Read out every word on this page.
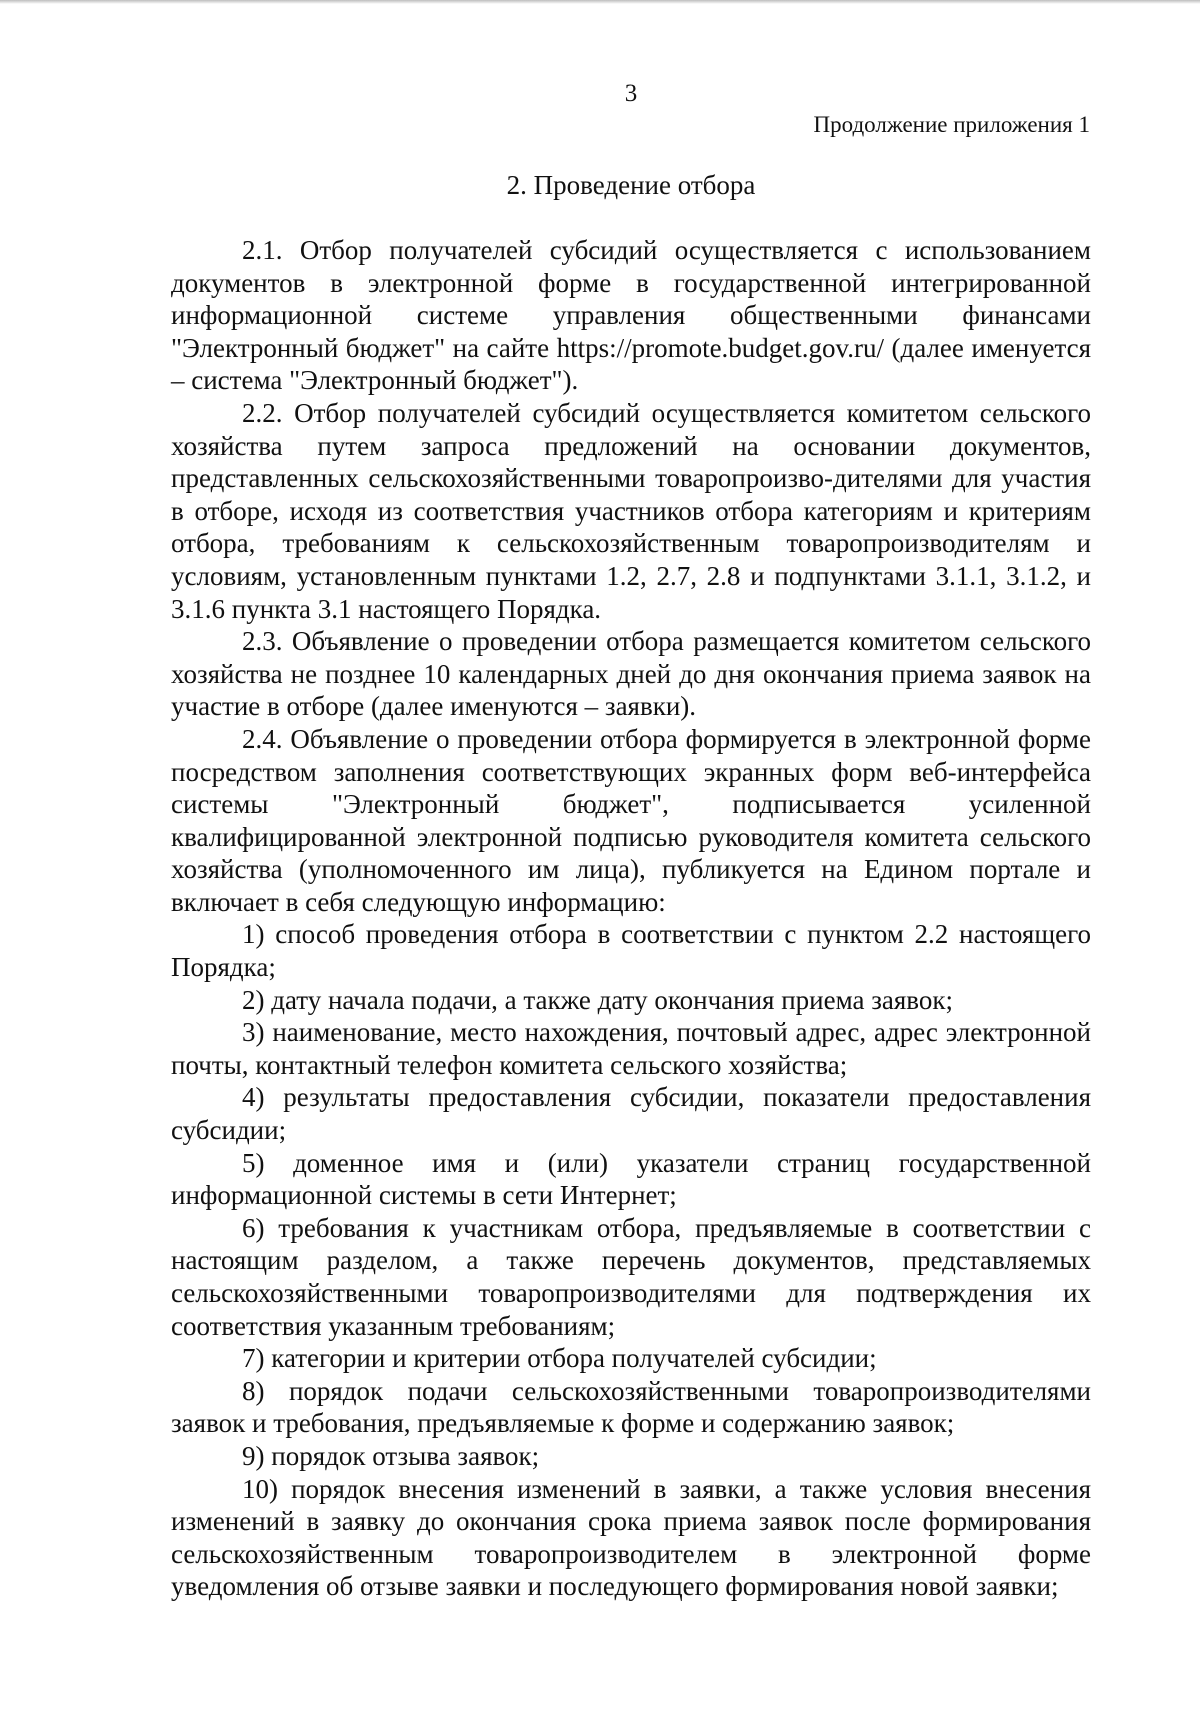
3
Продолжение приложения 1
2. Проведение отбора

2.1. Отбор получателей субсидий осуществляется с использованием документов в электронной форме в государственной интегрированной информационной системе управления общественными финансами "Электронный бюджет" на сайте https://promote.budget.gov.ru/ (далее именуется – система "Электронный бюджет").

2.2. Отбор получателей субсидий осуществляется комитетом сельского хозяйства путем запроса предложений на основании документов, представленных сельскохозяйственными товаропроизво-дителями для участия в отборе, исходя из соответствия участников отбора категориям и критериям отбора, требованиям к сельскохозяйственным товаропроизводителям и условиям, установленным пунктами 1.2, 2.7, 2.8 и подпунктами 3.1.1, 3.1.2, и 3.1.6 пункта 3.1 настоящего Порядка.

2.3. Объявление о проведении отбора размещается комитетом сельского хозяйства не позднее 10 календарных дней до дня окончания приема заявок на участие в отборе (далее именуются – заявки).

2.4. Объявление о проведении отбора формируется в электронной форме посредством заполнения соответствующих экранных форм веб-интерфейса системы "Электронный бюджет", подписывается усиленной квалифицированной электронной подписью руководителя комитета сельского хозяйства (уполномоченного им лица), публикуется на Едином портале и включает в себя следующую информацию:

1) способ проведения отбора в соответствии с пунктом 2.2 настоящего Порядка;

2) дату начала подачи, а также дату окончания приема заявок;

3) наименование, место нахождения, почтовый адрес, адрес электронной почты, контактный телефон комитета сельского хозяйства;

4) результаты предоставления субсидии, показатели предоставления субсидии;

5) доменное имя и (или) указатели страниц государственной информационной системы в сети Интернет;

6) требования к участникам отбора, предъявляемые в соответствии с настоящим разделом, а также перечень документов, представляемых сельскохозяйственными товаропроизводителями для подтверждения их соответствия указанным требованиям;

7) категории и критерии отбора получателей субсидии;

8) порядок подачи сельскохозяйственными товаропроизводителями заявок и требования, предъявляемые к форме и содержанию заявок;

9) порядок отзыва заявок;

10) порядок внесения изменений в заявки, а также условия внесения изменений в заявку до окончания срока приема заявок после формирования сельскохозяйственным товаропроизводителем в электронной форме уведомления об отзыве заявки и последующего формирования новой заявки;
